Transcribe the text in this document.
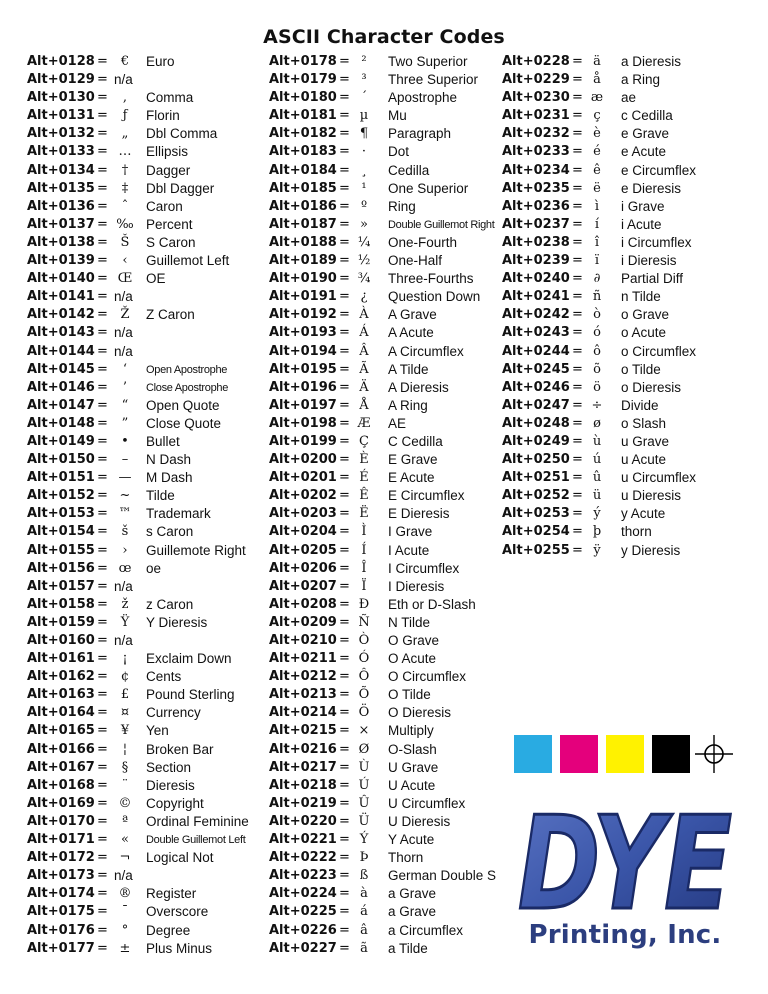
ASCII Character Codes
Alt+0128 = €	Euro
Alt+0129 = n/a
Alt+0130 =	,	Comma
Alt+0131 =	ƒ	Florin
Alt+0132 =	„	Dbl Comma
Alt+0133 = …	Ellipsis
Alt+0134 =	†	Dagger
Alt+0135 =	‡	Dbl Dagger
Alt+0136 =	ˆ	Caron
Alt+0137 = ‰ Percent
Alt+0138 = Š	S Caron
Alt+0139 =	‹	Guillemot Left
Alt+0140 = Œ OE
Alt+0141 = n/a
Alt+0142 = Ž	Z Caron
Alt+0143 = n/a
Alt+0144 = n/a
Alt+0145 =	‘	Open Apostrophe
Alt+0146 =	’	Close Apostrophe
Alt+0147 =	“	Open Quote
Alt+0148 =	”	Close Quote
Alt+0149 =	•	Bullet
Alt+0150 =	–	N Dash
Alt+0151 = —	M Dash
Alt+0152 = ~	Tilde
Alt+0153 = ™	Trademark
Alt+0154 =	š	s Caron
Alt+0155 =	›	Guillemote Right
Alt+0156 = œ	oe
Alt+0157 = n/a
Alt+0158 =	ž	z Caron
Alt+0159 = Ÿ	Y Dieresis
Alt+0160 = n/a
Alt+0161 =	¡	Exclaim Down
Alt+0162 = ¢	Cents
Alt+0163 = £	Pound Sterling
Alt+0164 = ¤	Currency
Alt+0165 = ¥	Yen
Alt+0166 =	¦	Broken Bar
Alt+0167 =	§	Section
Alt+0168 =	¨	Dieresis
Alt+0169 = ©	Copyright
Alt+0170 =	ª	Ordinal Feminine
Alt+0171 =	«	Double Guillemot Left
Alt+0172 = ¬	Logical Not
Alt+0173 = n/a
Alt+0174 = ®	Register
Alt+0175 =	¯	Overscore
Alt+0176 =	°	Degree
Alt+0177 = ±	Plus Minus
Alt+0178 = ²	Two Superior
Alt+0179 = ³	Three Superior
Alt+0180 = ´	Apostrophe
Alt+0181 = µ	Mu
Alt+0182 = ¶	Paragraph
Alt+0183 = ·	Dot
Alt+0184 = ¸	Cedilla
Alt+0185 = ¹	One Superior
Alt+0186 = º	Ring
Alt+0187 = »	Double Guillemot Right
Alt+0188 = ¼	One-Fourth
Alt+0189 = ½	One-Half
Alt+0190 = ¾	Three-Fourths
Alt+0191 = ¿	Question Down
Alt+0192 = À	A Grave
Alt+0193 = Á	A Acute
Alt+0194 = Â	A Circumflex
Alt+0195 = Ã	A Tilde
Alt+0196 = Ä	A Dieresis
Alt+0197 = Å	A Ring
Alt+0198 = Æ	AE
Alt+0199 = Ç	C Cedilla
Alt+0200 = È	E Grave
Alt+0201 = É	E Acute
Alt+0202 = Ê	E Circumflex
Alt+0203 = Ë	E Dieresis
Alt+0204 = Ì	I Grave
Alt+0205 = Í	I Acute
Alt+0206 = Î	I Circumflex
Alt+0207 = Ï	I Dieresis
Alt+0208 = Ð	Eth or D-Slash
Alt+0209 = Ñ	N Tilde
Alt+0210 = Ò	O Grave
Alt+0211 = Ó	O Acute
Alt+0212 = Ô	O Circumflex
Alt+0213 = Õ	O Tilde
Alt+0214 = Ö	O Dieresis
Alt+0215 = ×	Multiply
Alt+0216 = Ø	O-Slash
Alt+0217 = Ù	U Grave
Alt+0218 = Ú	U Acute
Alt+0219 = Û	U Circumflex
Alt+0220 = Ü	U Dieresis
Alt+0221 = Ý	Y Acute
Alt+0222 = Þ	Thorn
Alt+0223 = ß	German Double S
Alt+0224 = à	a Grave
Alt+0225 = á	a Grave
Alt+0226 = â	a Circumflex
Alt+0227 = ã	a Tilde
Alt+0228 = ä	a Dieresis
Alt+0229 = å	a Ring
Alt+0230 = æ	ae
Alt+0231 = ç	c Cedilla
Alt+0232 = è	e Grave
Alt+0233 = é	e Acute
Alt+0234 = ê	e Circumflex
Alt+0235 = ë	e Dieresis
Alt+0236 = ì	i Grave
Alt+0237 = í	i Acute
Alt+0238 = î	i Circumflex
Alt+0239 = ï	i Dieresis
Alt+0240 = ∂	Partial Diff
Alt+0241 = ñ	n Tilde
Alt+0242 = ò	o Grave
Alt+0243 = ó	o Acute
Alt+0244 = ô	o Circumflex
Alt+0245 = õ	o Tilde
Alt+0246 = ö	o Dieresis
Alt+0247 = ÷	Divide
Alt+0248 = ø	o Slash
Alt+0249 = ù	u Grave
Alt+0250 = ú	u Acute
Alt+0251 = û	u Circumflex
Alt+0252 = ü	u Dieresis
Alt+0253 = ý	y Acute
Alt+0254 = þ	thorn
Alt+0255 = ÿ	y Dieresis
DYE
Printing, Inc.
